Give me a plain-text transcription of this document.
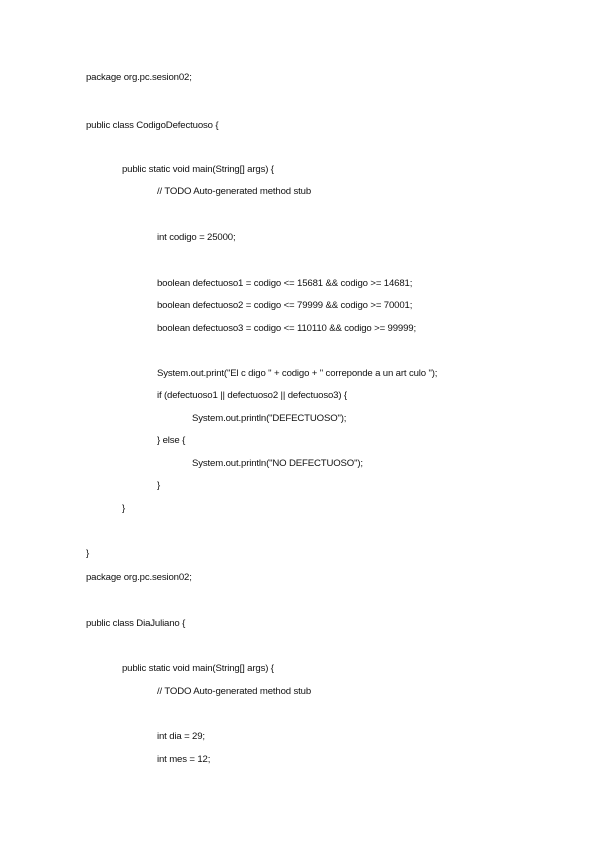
package org.pc.sesion02;
public class CodigoDefectuoso {
public static void main(String[] args) {
// TODO Auto-generated method stub
int codigo = 25000;
boolean defectuoso1 = codigo <= 15681 && codigo >= 14681;
boolean defectuoso2 = codigo <= 79999 && codigo >= 70001;
boolean defectuoso3 = codigo <= 110110 && codigo >= 99999;
System.out.print("El c digo " + codigo + " correponde a un art culo ");
if (defectuoso1 || defectuoso2 || defectuoso3) {
System.out.println("DEFECTUOSO");
} else {
System.out.println("NO DEFECTUOSO");
}
}
}
package org.pc.sesion02;
public class DiaJuliano {
public static void main(String[] args) {
// TODO Auto-generated method stub
int dia = 29;
int mes = 12;
